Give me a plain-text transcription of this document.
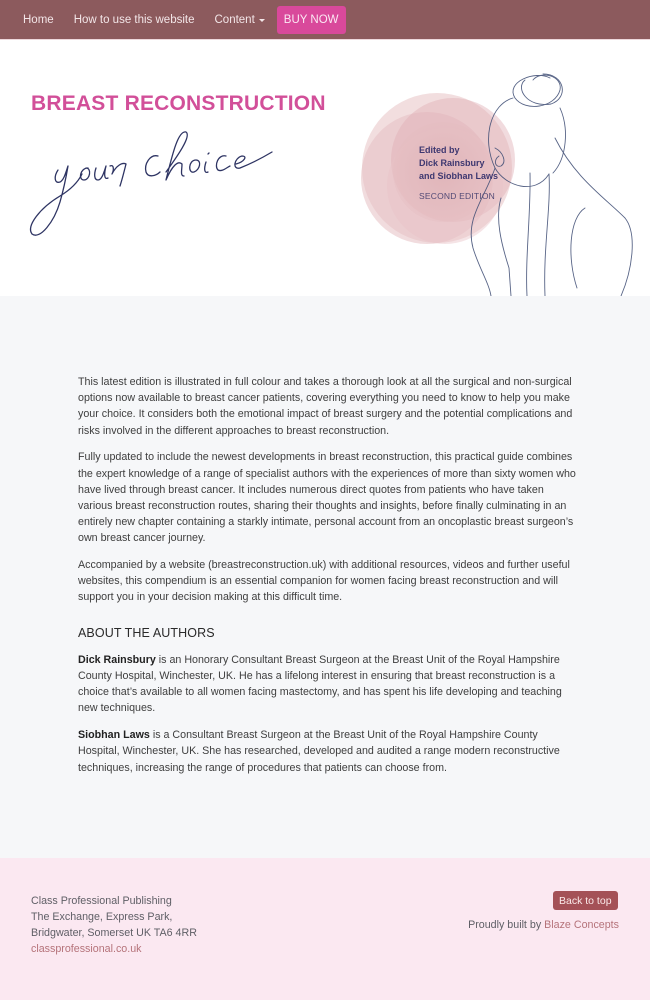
Home How to use this website Content	BUY NOW
BREAST RECONSTRUCTION
Edited by
Dick Rainsbury
and Siobhan Laws
SECOND EDITION

This latest edition is illustrated in full colour and takes a thorough look at all the surgical and non-surgical options now available to breast cancer patients, covering everything you need to know to help you make your choice. It considers both the emotional impact of breast surgery and the potential complications and risks involved in the different approaches to breast reconstruction.

Fully updated to include the newest developments in breast reconstruction, this practical guide combines the expert knowledge of a range of specialist authors with the experiences of more than sixty women who have lived through breast cancer. It includes numerous direct quotes from patients who have taken various breast reconstruction routes, sharing their thoughts and insights, before finally culminating in an entirely new chapter containing a starkly intimate, personal account from an oncoplastic breast surgeon’s own breast cancer journey.

Accompanied by a website (breastreconstruction.uk) with additional resources, videos and further useful websites, this compendium is an essential companion for women facing breast reconstruction and will support you in your decision making at this difficult time.

ABOUT THE AUTHORS

Dick Rainsbury is an Honorary Consultant Breast Surgeon at the Breast Unit of the Royal Hampshire County Hospital, Winchester, UK. He has a lifelong interest in ensuring that breast reconstruction is a choice that’s available to all women facing mastectomy, and has spent his life developing and teaching new techniques.

Siobhan Laws is a Consultant Breast Surgeon at the Breast Unit of the Royal Hampshire County Hospital, Winchester, UK. She has researched, developed and audited a range modern reconstructive techniques, increasing the range of procedures that patients can choose from.

Class Professional Publishing
The Exchange, Express Park,
Bridgwater, Somerset UK TA6 4RR
classprofessional.co.uk
Back to top
Proudly built by Blaze Concepts
